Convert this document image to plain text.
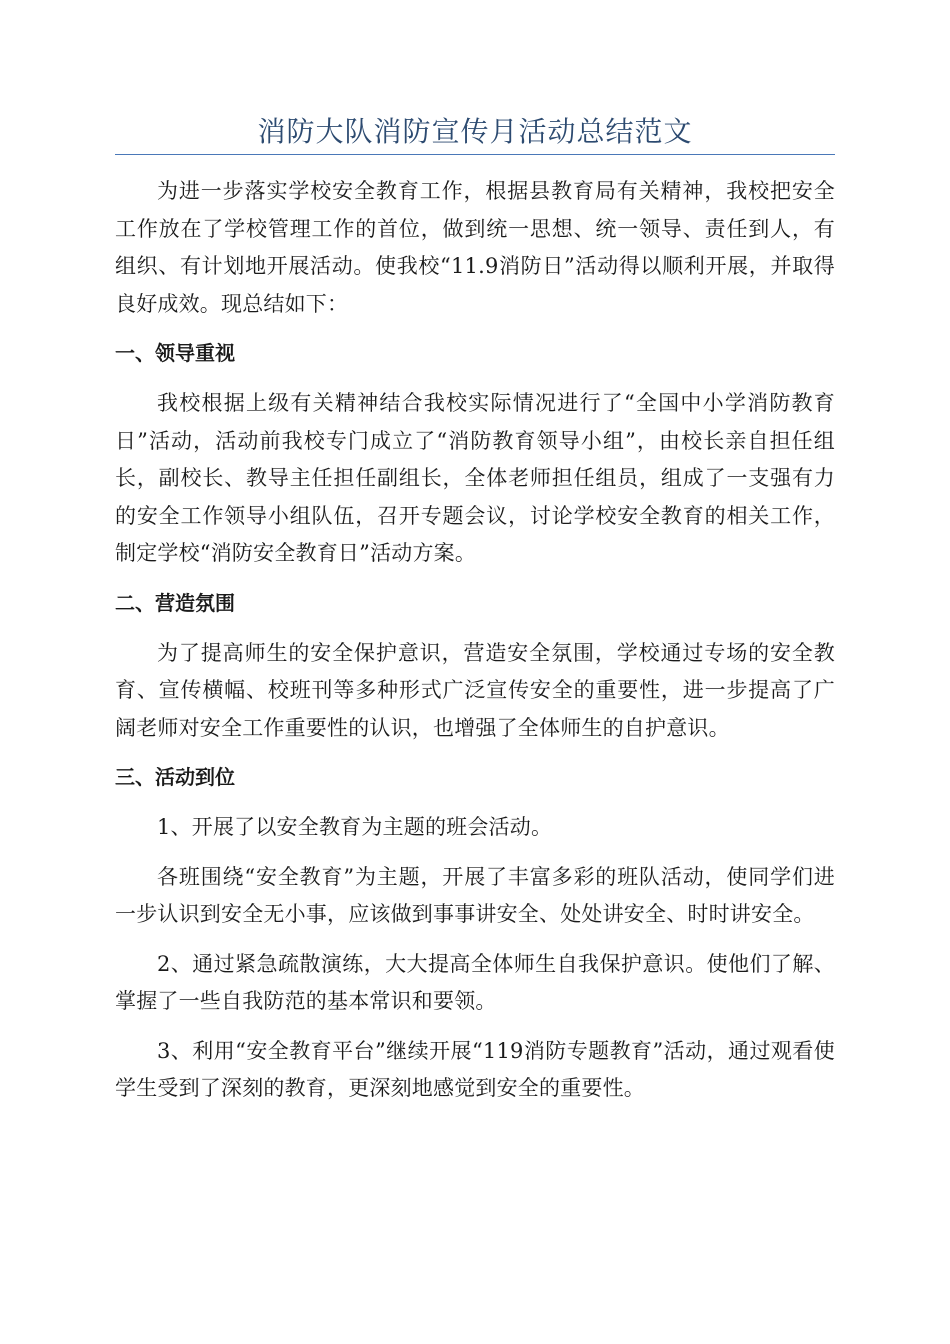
消防大队消防宣传月活动总结范文

为进一步落实学校安全教育工作，根据县教育局有关精神，我校把安全工作放在了学校管理工作的首位，做到统一思想、统一领导、责任到人，有组织、有计划地开展活动。使我校“11.9消防日”活动得以顺利开展，并取得良好成效。现总结如下：

一、领导重视

我校根据上级有关精神结合我校实际情况进行了“全国中小学消防教育日”活动，活动前我校专门成立了“消防教育领导小组”，由校长亲自担任组长，副校长、教导主任担任副组长，全体老师担任组员，组成了一支强有力的安全工作领导小组队伍，召开专题会议，讨论学校安全教育的相关工作，制定学校“消防安全教育日”活动方案。

二、营造氛围

为了提高师生的安全保护意识，营造安全氛围，学校通过专场的安全教育、宣传横幅、校班刊等多种形式广泛宣传安全的重要性，进一步提高了广阔老师对安全工作重要性的认识，也增强了全体师生的自护意识。

三、活动到位

1、开展了以安全教育为主题的班会活动。

各班围绕“安全教育”为主题，开展了丰富多彩的班队活动，使同学们进一步认识到安全无小事，应该做到事事讲安全、处处讲安全、时时讲安全。

2、通过紧急疏散演练，大大提高全体师生自我保护意识。使他们了解、掌握了一些自我防范的基本常识和要领。

3、利用“安全教育平台”继续开展“119消防专题教育”活动，通过观看使学生受到了深刻的教育，更深刻地感觉到安全的重要性。
